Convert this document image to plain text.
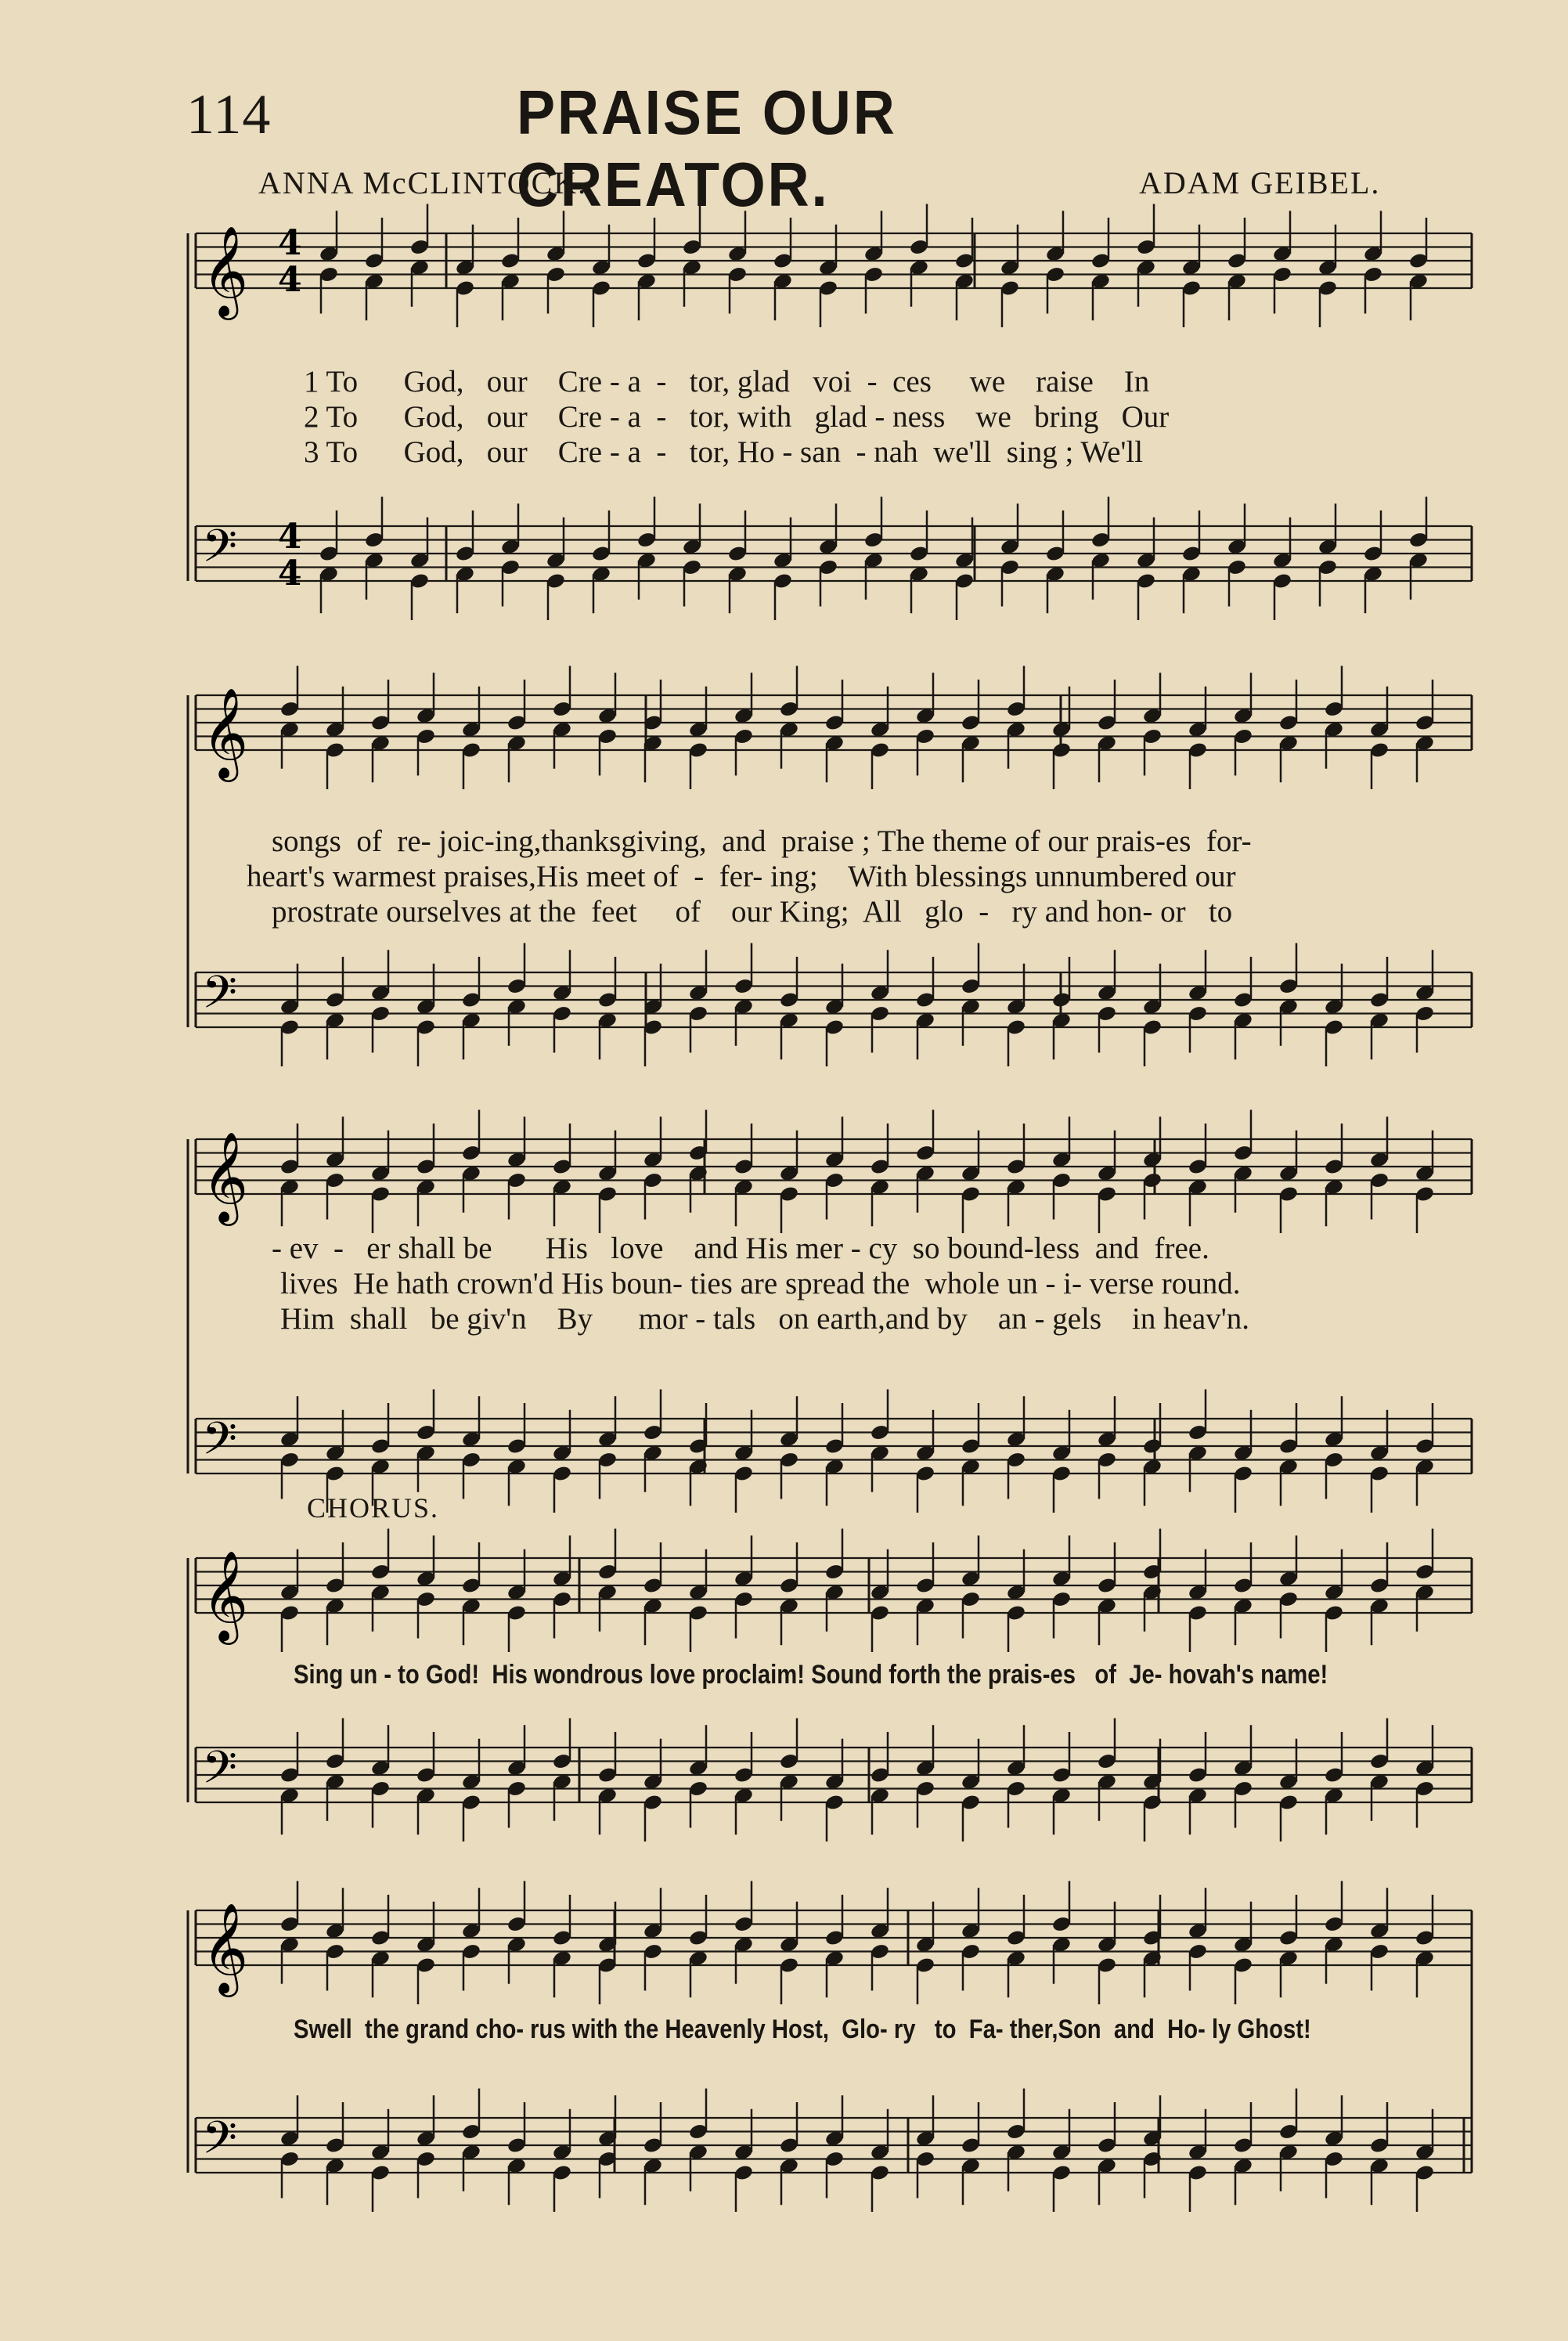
114	PRAISE OUR CREATOR.
ANNA McCLINTOCK.	ADAM GEIBEL.
CHORUS.
1 To      God,   our    Cre - a  -   tor, glad   voi  -  ces     we    raise    In
2 To      God,   our    Cre - a  -   tor, with   glad - ness    we   bring   Our
3 To      God,   our    Cre - a  -   tor, Ho - san  - nah  we'll  sing ; We'll
songs  of  re- joic-ing,thanksgiving,  and  praise ; The theme of our prais-es  for-
heart's warmest praises,His meet of  -  fer- ing;    With blessings unnumbered our
prostrate ourselves at the  feet     of    our King;  All   glo  -   ry and hon- or   to
- ev  -   er shall be       His   love    and His mer - cy  so bound-less  and  free.
lives  He hath crown'd His boun- ties are spread the  whole un - i- verse round.
Him  shall   be giv'n    By      mor - tals   on earth,and by    an - gels    in heav'n.
Sing un - to God!  His wondrous love proclaim! Sound forth the prais-es   of  Je- hovah's name!
Swell  the grand cho- rus with the Heavenly Host,  Glo- ry   to  Fa- ther,Son  and  Ho- ly Ghost!
𝄞
𝄢
𝄞
𝄢
𝄞
𝄢
𝄞
𝄢
𝄞
𝄢
4
4
4
4
